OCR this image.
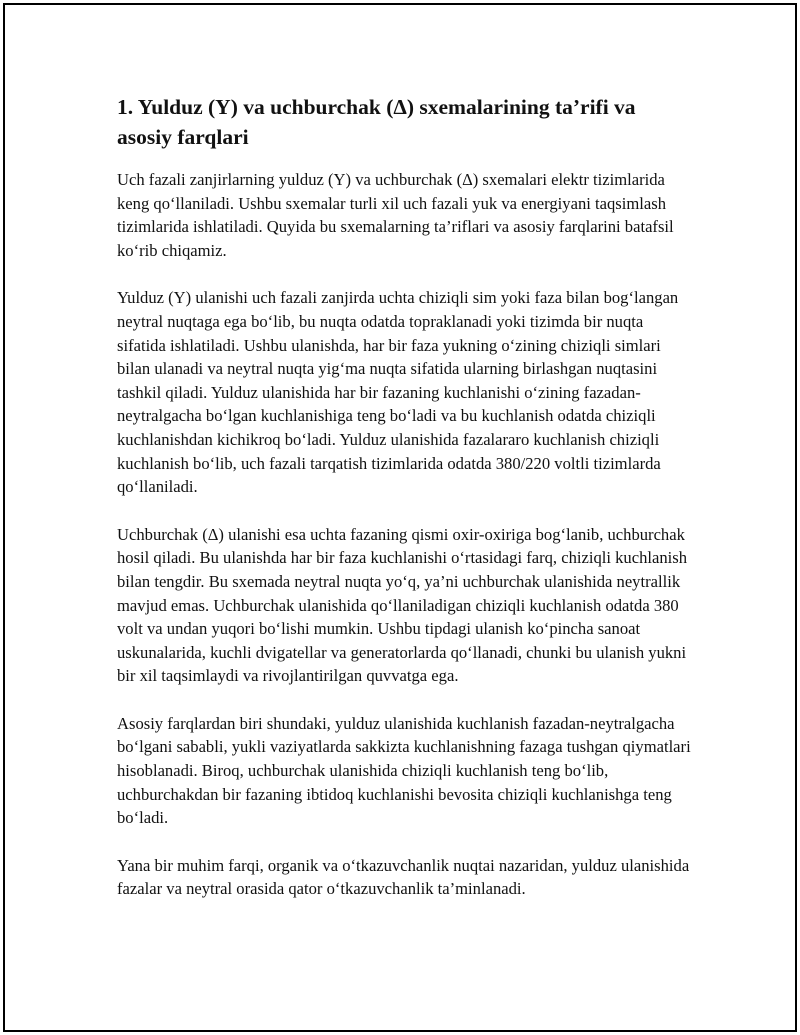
1. Yulduz (Y) va uchburchak (Δ) sxemalarining ta’rifi va asosiy farqlari

Uch fazali zanjirlarning yulduz (Y) va uchburchak (Δ) sxemalari elektr tizimlarida keng qo‘llaniladi. Ushbu sxemalar turli xil uch fazali yuk va energiyani taqsimlash tizimlarida ishlatiladi. Quyida bu sxemalarning ta’riflari va asosiy farqlarini batafsil ko‘rib chiqamiz.

Yulduz (Y) ulanishi uch fazali zanjirda uchta chiziqli sim yoki faza bilan bog‘langan neytral nuqtaga ega bo‘lib, bu nuqta odatda topraklanadi yoki tizimda bir nuqta sifatida ishlatiladi. Ushbu ulanishda, har bir faza yukning o‘zining chiziqli simlari bilan ulanadi va neytral nuqta yig‘ma nuqta sifatida ularning birlashgan nuqtasini tashkil qiladi. Yulduz ulanishida har bir fazaning kuchlanishi o‘zining fazadan-neytralgacha bo‘lgan kuchlanishiga teng bo‘ladi va bu kuchlanish odatda chiziqli kuchlanishdan kichikroq bo‘ladi. Yulduz ulanishida fazalararo kuchlanish chiziqli kuchlanish bo‘lib, uch fazali tarqatish tizimlarida odatda 380/220 voltli tizimlarda qo‘llaniladi.

Uchburchak (Δ) ulanishi esa uchta fazaning qismi oxir-oxiriga bog‘lanib, uchburchak hosil qiladi. Bu ulanishda har bir faza kuchlanishi o‘rtasidagi farq, chiziqli kuchlanish bilan tengdir. Bu sxemada neytral nuqta yo‘q, ya’ni uchburchak ulanishida neytrallik mavjud emas. Uchburchak ulanishida qo‘llaniladigan chiziqli kuchlanish odatda 380 volt va undan yuqori bo‘lishi mumkin. Ushbu tipdagi ulanish ko‘pincha sanoat uskunalarida, kuchli dvigatellar va generatorlarda qo‘llanadi, chunki bu ulanish yukni bir xil taqsimlaydi va rivojlantirilgan quvvatga ega.

Asosiy farqlardan biri shundaki, yulduz ulanishida kuchlanish fazadan-neytralgacha bo‘lgani sababli, yukli vaziyatlarda sakkizta kuchlanishning fazaga tushgan qiymatlari hisoblanadi. Biroq, uchburchak ulanishida chiziqli kuchlanish teng bo‘lib, uchburchakdan bir fazaning ibtidoq kuchlanishi bevosita chiziqli kuchlanishga teng bo‘ladi.

Yana bir muhim farqi, organik va o‘tkazuvchanlik nuqtai nazaridan, yulduz ulanishida fazalar va neytral orasida qator o‘tkazuvchanlik ta’minlanadi.
